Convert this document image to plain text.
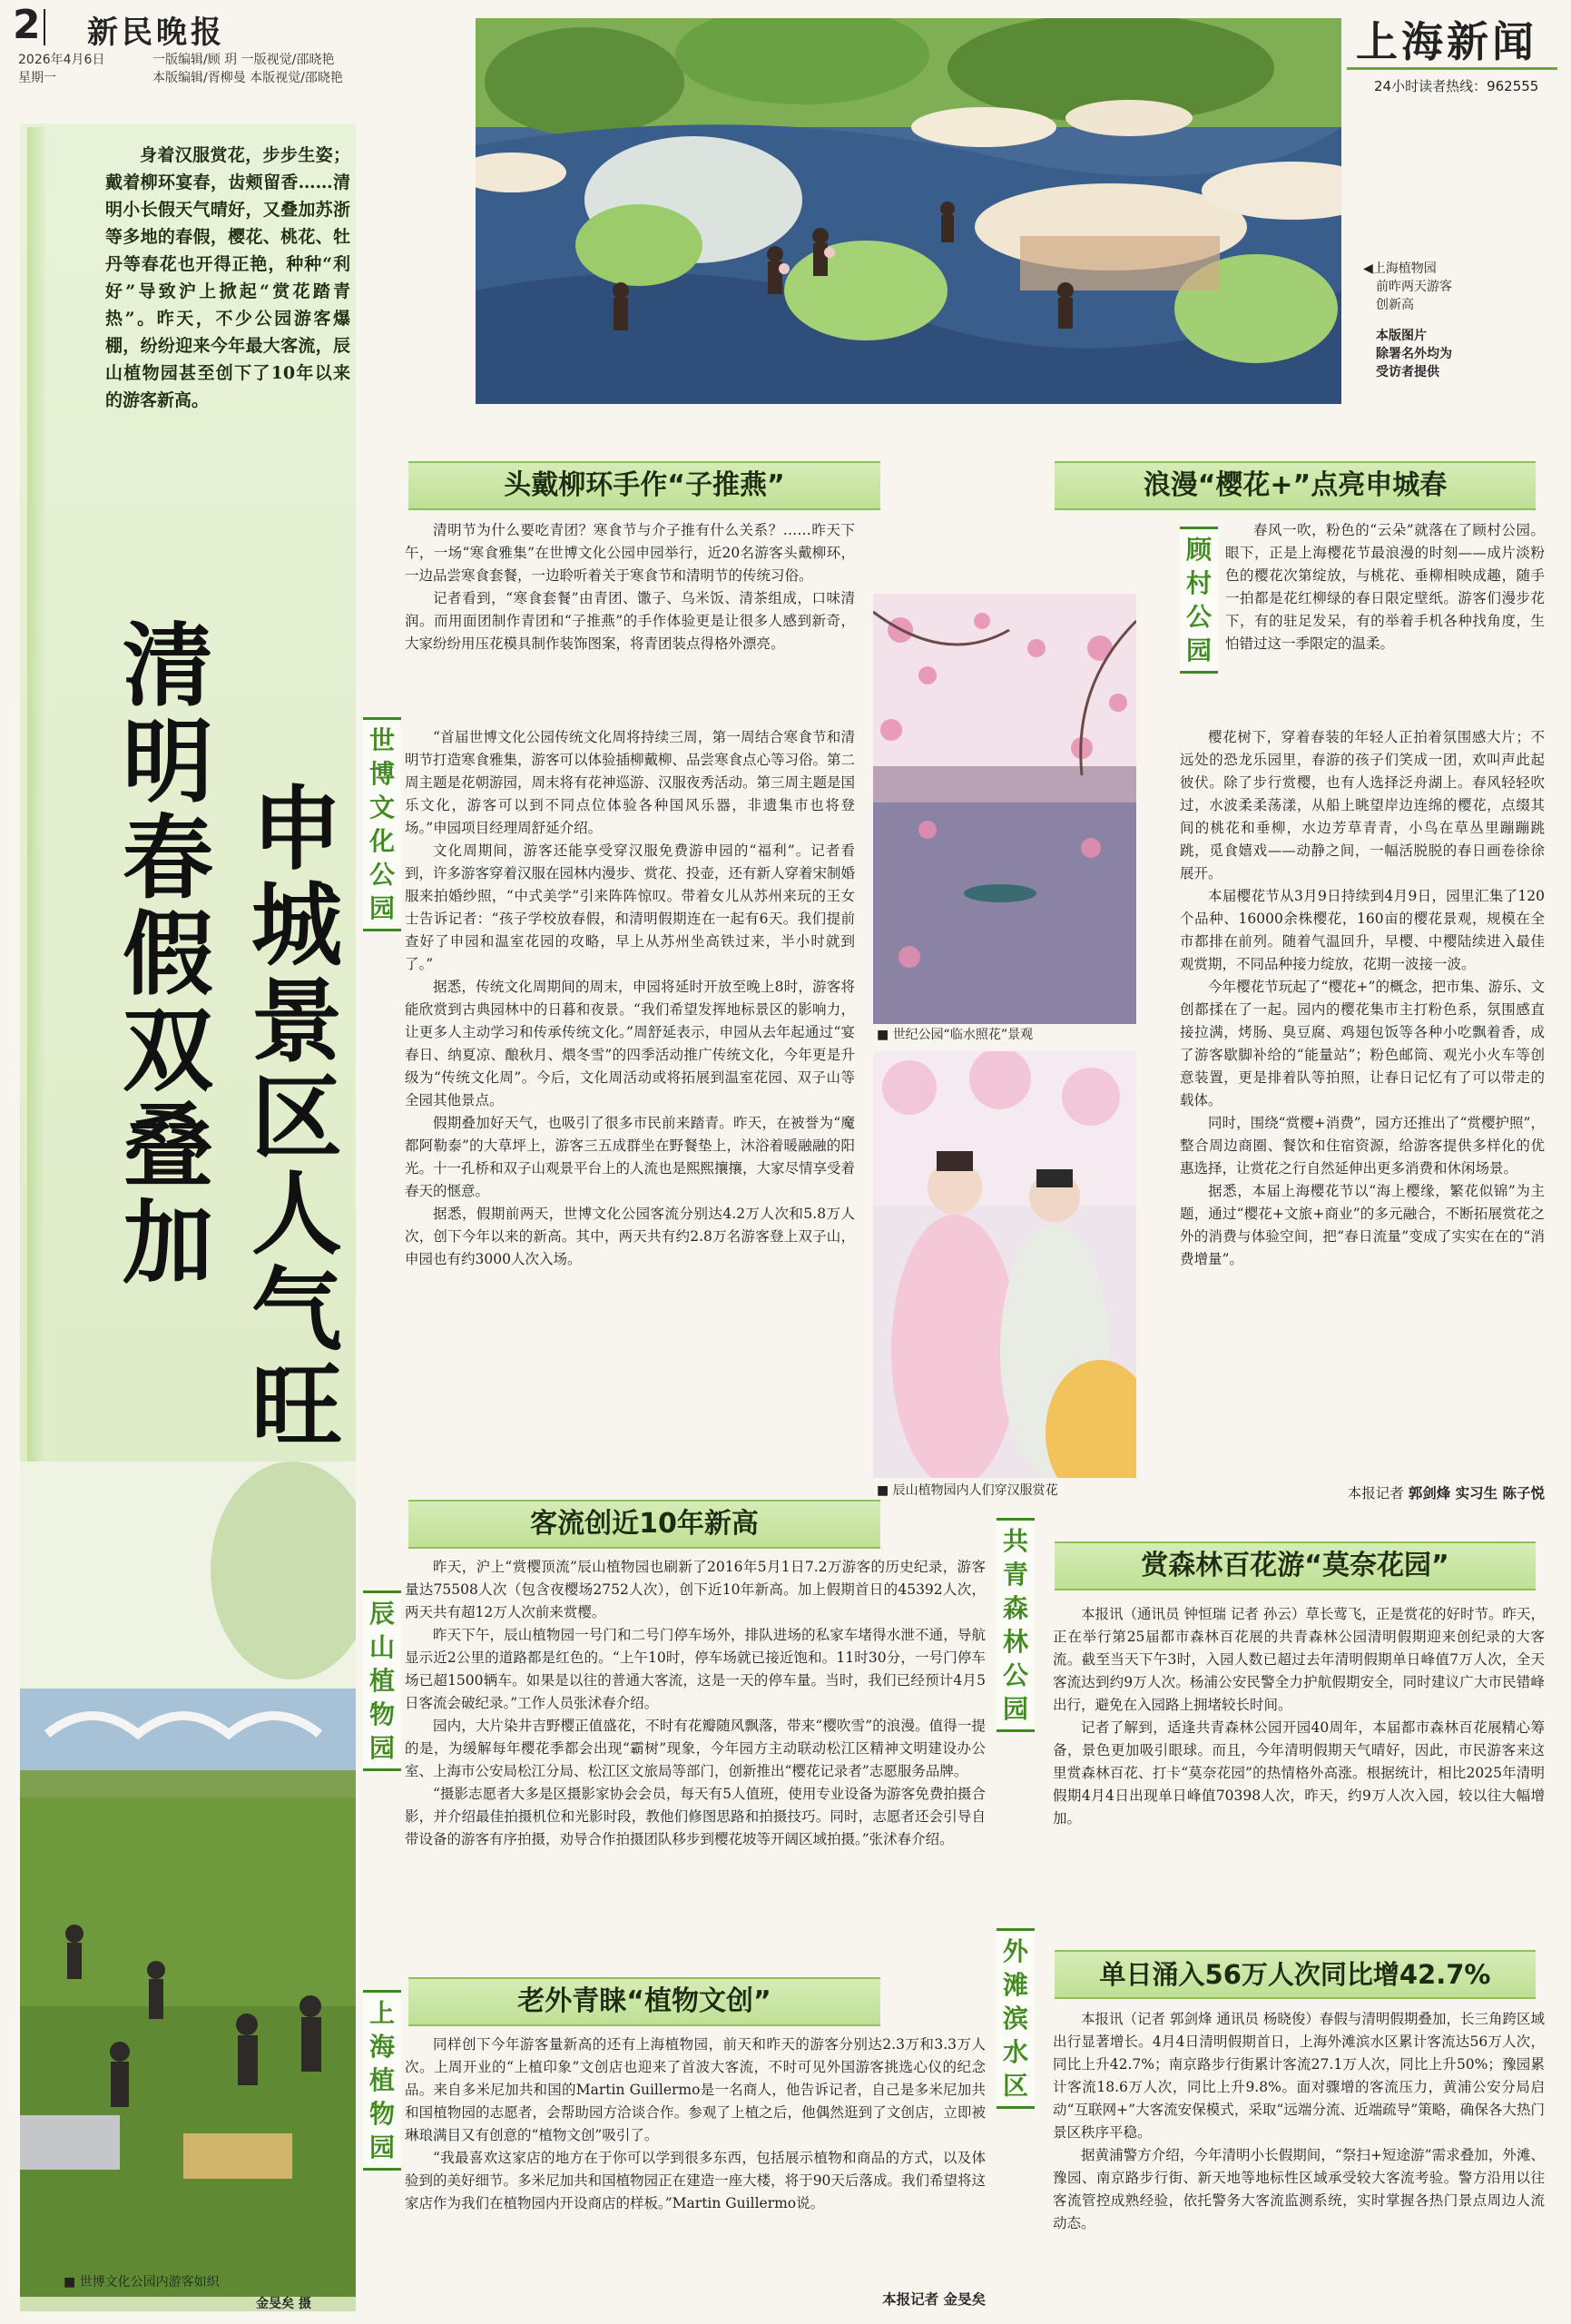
2 新民晚报
2026年4月6日
星期一
一版编辑/顾 玥 一版视觉/邵晓艳
本版编辑/胥柳曼 本版视觉/邵晓艳
上海新闻
24小时读者热线：962555
◀上海植物园
前昨两天游客
创新高
本版图片
除署名外均为
受访者提供

身着汉服赏花，步步生姿；戴着柳环宴春，齿颊留香……清明小长假天气晴好，又叠加苏浙等多地的春假，樱花、桃花、牡丹等春花也开得正艳，种种“利好”导致沪上掀起“赏花踏青热”。昨天，不少公园游客爆棚，纷纷迎来今年最大客流，辰山植物园甚至创下了10年以来的游客新高。

清明春假双叠加 申城景区人气旺
■ 世博文化公园内游客如织
金旻矣 摄
头戴柳环手作“子推燕”
世博文化公园

清明节为什么要吃青团？寒食节与介子推有什么关系？……昨天下午，一场“寒食雅集”在世博文化公园申园举行，近20名游客头戴柳环，一边品尝寒食套餐，一边聆听着关于寒食节和清明节的传统习俗。

记者看到，“寒食套餐”由青团、馓子、乌米饭、清茶组成，口味清润。而用面团制作青团和“子推燕”的手作体验更是让很多人感到新奇，大家纷纷用压花模具制作装饰图案，将青团装点得格外漂亮。

“首届世博文化公园传统文化周将持续三周，第一周结合寒食节和清明节打造寒食雅集，游客可以体验插柳戴柳、品尝寒食点心等习俗。第二周主题是花朝游园，周末将有花神巡游、汉服夜秀活动。第三周主题是国乐文化，游客可以到不同点位体验各种国风乐器，非遗集市也将登场。”申园项目经理周舒延介绍。

文化周期间，游客还能享受穿汉服免费游申园的“福利”。记者看到，许多游客穿着汉服在园林内漫步、赏花、投壶，还有新人穿着宋制婚服来拍婚纱照，“中式美学”引来阵阵惊叹。带着女儿从苏州来玩的王女士告诉记者：“孩子学校放春假，和清明假期连在一起有6天。我们提前查好了申园和温室花园的攻略，早上从苏州坐高铁过来，半小时就到了。”

据悉，传统文化周期间的周末，申园将延时开放至晚上8时，游客将能欣赏到古典园林中的日暮和夜景。“我们希望发挥地标景区的影响力，让更多人主动学习和传承传统文化。”周舒延表示，申园从去年起通过“宴春日、纳夏凉、酿秋月、煨冬雪”的四季活动推广传统文化，今年更是升级为“传统文化周”。今后，文化周活动或将拓展到温室花园、双子山等全园其他景点。

假期叠加好天气，也吸引了很多市民前来踏青。昨天，在被誉为“魔都阿勒泰”的大草坪上，游客三五成群坐在野餐垫上，沐浴着暖融融的阳光。十一孔桥和双子山观景平台上的人流也是熙熙攘攘，大家尽情享受着春天的惬意。

据悉，假期前两天，世博文化公园客流分别达4.2万人次和5.8万人次，创下今年以来的新高。其中，两天共有约2.8万名游客登上双子山，申园也有约3000人次入场。

■ 世纪公园“临水照花”景观
■ 辰山植物园内人们穿汉服赏花
客流创近10年新高
辰山植物园

昨天，沪上“赏樱顶流”辰山植物园也刷新了2016年5月1日7.2万游客的历史纪录，游客量达75508人次（包含夜樱场2752人次），创下近10年新高。加上假期首日的45392人次，两天共有超12万人次前来赏樱。

昨天下午，辰山植物园一号门和二号门停车场外，排队进场的私家车堵得水泄不通，导航显示近2公里的道路都是红色的。“上午10时，停车场就已接近饱和。11时30分，一号门停车场已超1500辆车。如果是以往的普通大客流，这是一天的停车量。当时，我们已经预计4月5日客流会破纪录。”工作人员张沭春介绍。

园内，大片染井吉野樱正值盛花，不时有花瓣随风飘落，带来“樱吹雪”的浪漫。值得一提的是，为缓解每年樱花季都会出现“霸树”现象，今年园方主动联动松江区精神文明建设办公室、上海市公安局松江分局、松江区文旅局等部门，创新推出“樱花记录者”志愿服务品牌。

“摄影志愿者大多是区摄影家协会会员，每天有5人值班，使用专业设备为游客免费拍摄合影，并介绍最佳拍摄机位和光影时段，教他们修图思路和拍摄技巧。同时，志愿者还会引导自带设备的游客有序拍摄，劝导合作拍摄团队移步到樱花坡等开阔区域拍摄。”张沭春介绍。

老外青睐“植物文创”
上海植物园

同样创下今年游客量新高的还有上海植物园，前天和昨天的游客分别达2.3万和3.3万人次。上周开业的“上植印象”文创店也迎来了首波大客流，不时可见外国游客挑选心仪的纪念品。来自多米尼加共和国的Martin Guillermo是一名商人，他告诉记者，自己是多米尼加共和国植物园的志愿者，会帮助园方洽谈合作。参观了上植之后，他偶然逛到了文创店，立即被琳琅满目又有创意的“植物文创”吸引了。

“我最喜欢这家店的地方在于你可以学到很多东西，包括展示植物和商品的方式，以及体验到的美好细节。多米尼加共和国植物园正在建造一座大楼，将于90天后落成。我们希望将这家店作为我们在植物园内开设商店的样板。”Martin Guillermo说。

本报记者 金旻矣
浪漫“樱花+”点亮申城春
顾村公园

春风一吹，粉色的“云朵”就落在了顾村公园。眼下，正是上海樱花节最浪漫的时刻——成片淡粉色的樱花次第绽放，与桃花、垂柳相映成趣，随手一拍都是花红柳绿的春日限定壁纸。游客们漫步花下，有的驻足发呆，有的举着手机各种找角度，生怕错过这一季限定的温柔。

樱花树下，穿着春装的年轻人正拍着氛围感大片；不远处的恐龙乐园里，春游的孩子们笑成一团，欢叫声此起彼伏。除了步行赏樱，也有人选择泛舟湖上。春风轻轻吹过，水波柔柔荡漾，从船上眺望岸边连绵的樱花，点缀其间的桃花和垂柳，水边芳草青青，小鸟在草丛里蹦蹦跳跳，觅食嬉戏——动静之间，一幅活脱脱的春日画卷徐徐展开。

本届樱花节从3月9日持续到4月9日，园里汇集了120个品种、16000余株樱花，160亩的樱花景观，规模在全市都排在前列。随着气温回升，早樱、中樱陆续进入最佳观赏期，不同品种接力绽放，花期一波接一波。

今年樱花节玩起了“樱花+”的概念，把市集、游乐、文创都揉在了一起。园内的樱花集市主打粉色系，氛围感直接拉满，烤肠、臭豆腐、鸡翅包饭等各种小吃飘着香，成了游客歇脚补给的“能量站”；粉色邮筒、观光小火车等创意装置，更是排着队等拍照，让春日记忆有了可以带走的载体。

同时，围绕“赏樱+消费”，园方还推出了“赏樱护照”，整合周边商圈、餐饮和住宿资源，给游客提供多样化的优惠选择，让赏花之行自然延伸出更多消费和休闲场景。

据悉，本届上海樱花节以“海上樱缘，繁花似锦”为主题，通过“樱花+文旅+商业”的多元融合，不断拓展赏花之外的消费与体验空间，把“春日流量”变成了实实在在的“消费增量”。

本报记者 郭剑烽 实习生 陈子悦
赏森林百花游“莫奈花园”
共青森林公园

本报讯（通讯员 钟恒瑞 记者 孙云）草长莺飞，正是赏花的好时节。昨天，正在举行第25届都市森林百花展的共青森林公园清明假期迎来创纪录的大客流。截至当天下午3时，入园人数已超过去年清明假期单日峰值7万人次，全天客流达到约9万人次。杨浦公安民警全力护航假期安全，同时建议广大市民错峰出行，避免在入园路上拥堵较长时间。

记者了解到，适逢共青森林公园开园40周年，本届都市森林百花展精心筹备，景色更加吸引眼球。而且，今年清明假期天气晴好，因此，市民游客来这里赏森林百花、打卡“莫奈花园”的热情格外高涨。根据统计，相比2025年清明假期4月4日出现单日峰值70398人次，昨天，约9万人次入园，较以往大幅增加。

单日涌入56万人次同比增42.7%
外滩滨水区

本报讯（记者 郭剑烽 通讯员 杨晓俊）春假与清明假期叠加，长三角跨区域出行显著增长。4月4日清明假期首日，上海外滩滨水区累计客流达56万人次，同比上升42.7%；南京路步行街累计客流27.1万人次，同比上升50%；豫园累计客流18.6万人次，同比上升9.8%。面对骤增的客流压力，黄浦公安分局启动“互联网+”大客流安保模式，采取“远端分流、近端疏导”策略，确保各大热门景区秩序平稳。

据黄浦警方介绍，今年清明小长假期间，“祭扫+短途游”需求叠加，外滩、豫园、南京路步行街、新天地等地标性区域承受较大客流考验。警方沿用以往客流管控成熟经验，依托警务大客流监测系统，实时掌握各热门景点周边人流动态。
